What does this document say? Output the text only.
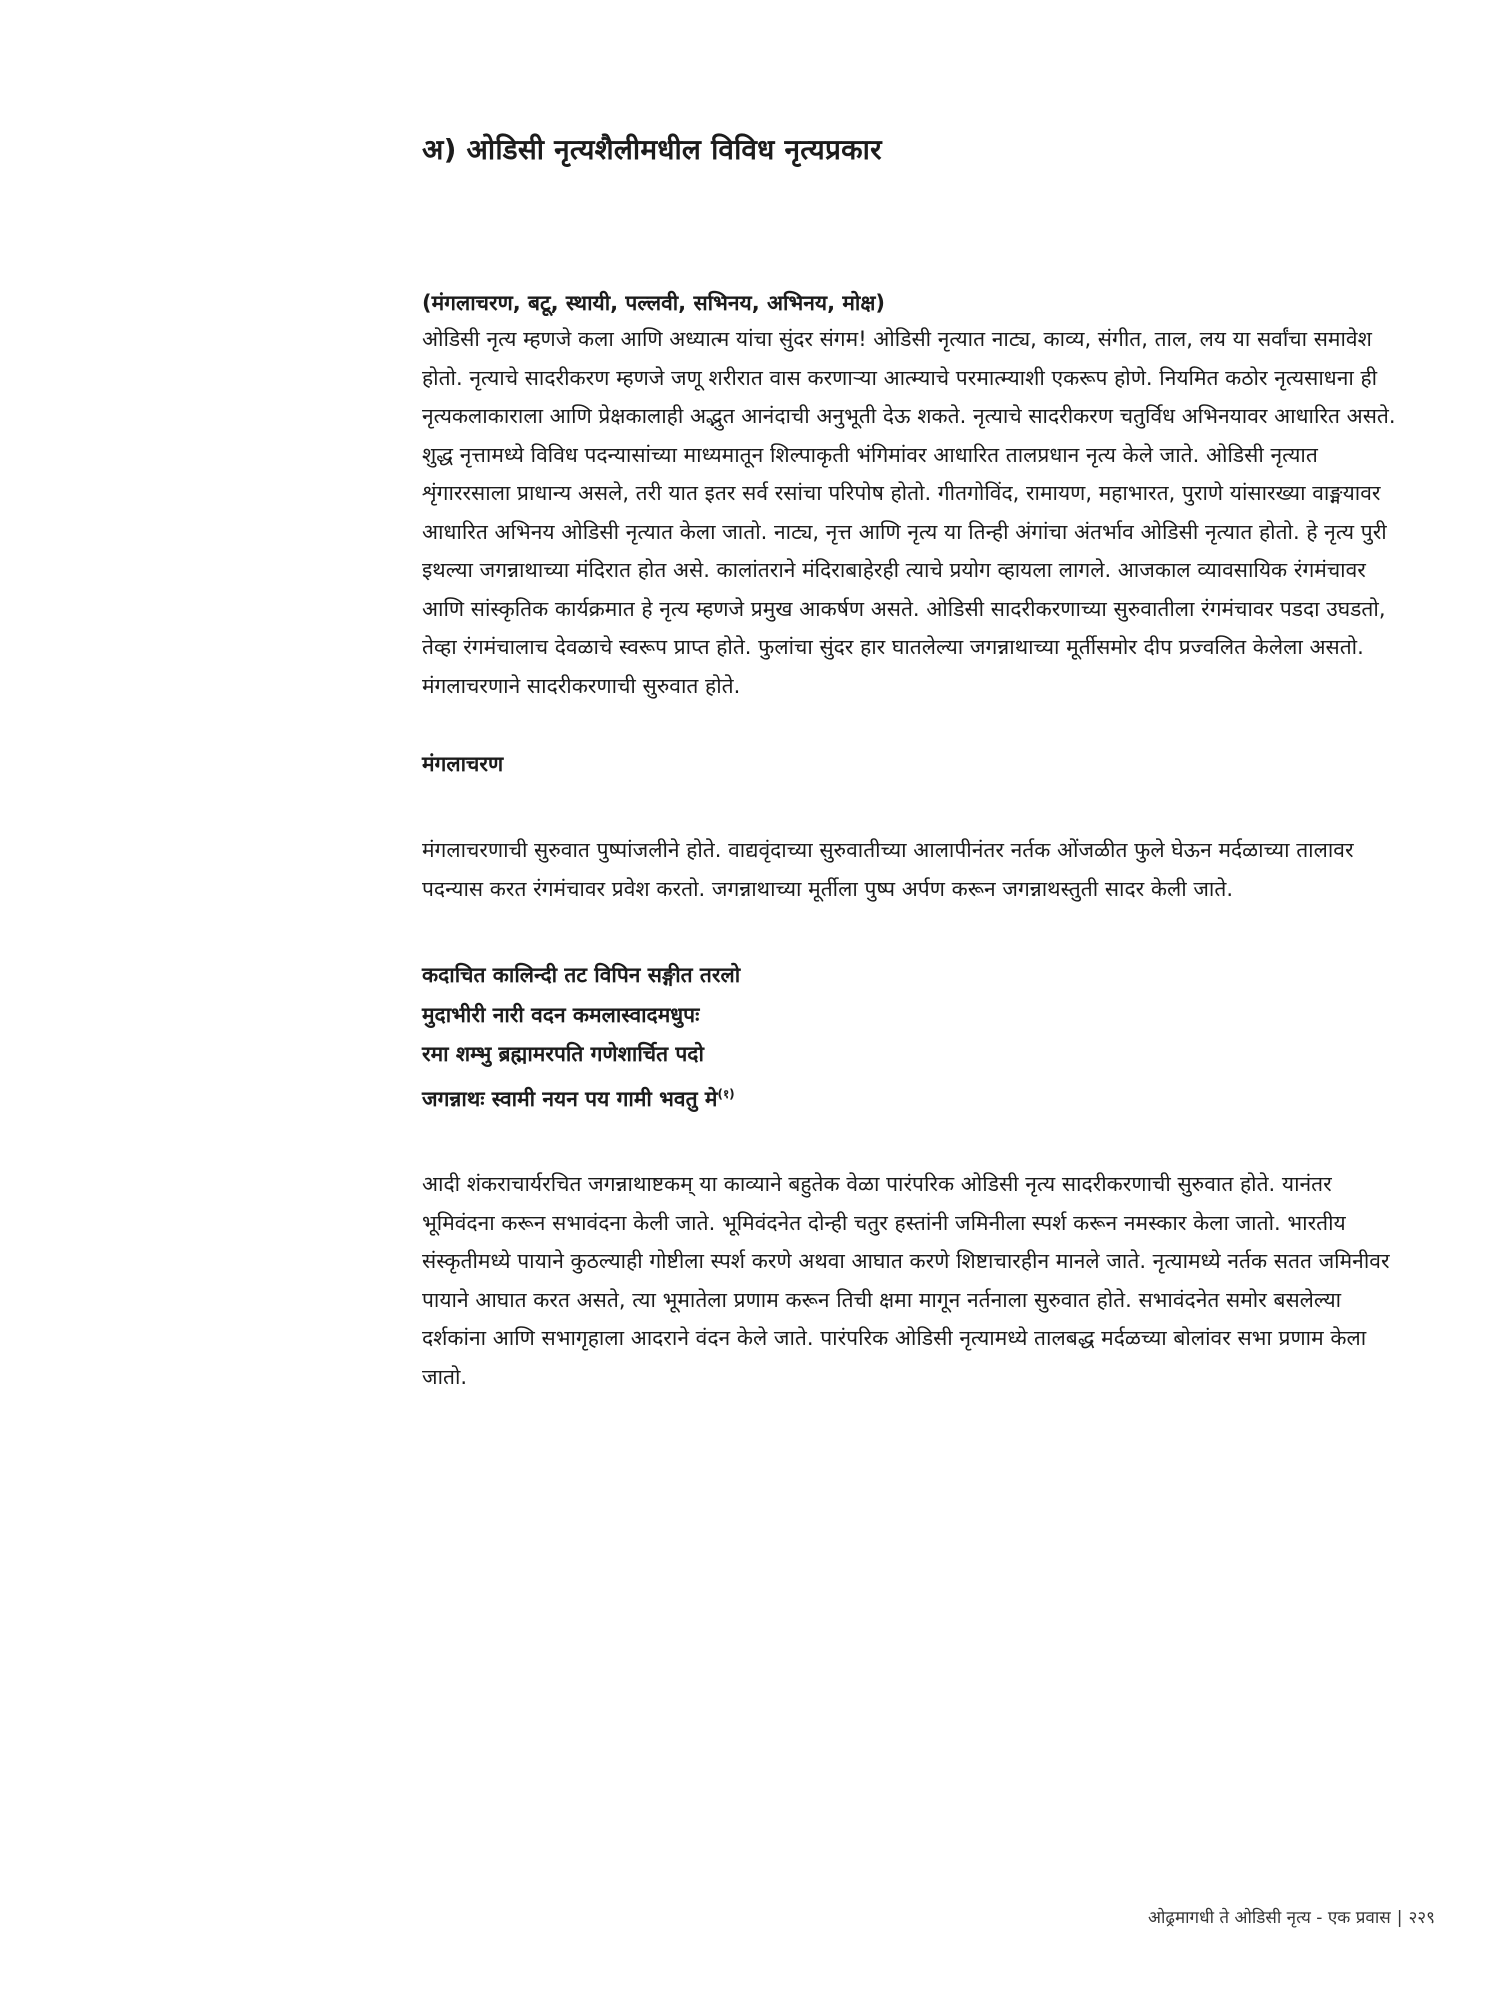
अ) ओडिसी नृत्यशैलीमधील विविध नृत्यप्रकार

(मंगलाचरण, बटू, स्थायी, पल्लवी, सभिनय, अभिनय, मोक्ष)

ओडिसी नृत्य म्हणजे कला आणि अध्यात्म यांचा सुंदर संगम! ओडिसी नृत्यात नाट्य, काव्य, संगीत, ताल, लय या सर्वांचा समावेश होतो. नृत्याचे सादरीकरण म्हणजे जणू शरीरात वास करणाऱ्या आत्म्याचे परमात्म्याशी एकरूप होणे. नियमित कठोर नृत्यसाधना ही नृत्यकलाकाराला आणि प्रेक्षकालाही अद्भुत आनंदाची अनुभूती देऊ शकते. नृत्याचे सादरीकरण चतुर्विध अभिनयावर आधारित असते. शुद्ध नृत्तामध्ये विविध पदन्यासांच्या माध्यमातून शिल्पाकृती भंगिमांवर आधारित तालप्रधान नृत्य केले जाते. ओडिसी नृत्यात शृंगाररसाला प्राधान्य असले, तरी यात इतर सर्व रसांचा परिपोष होतो. गीतगोविंद, रामायण, महाभारत, पुराणे यांसारख्या वाङ्मयावर आधारित अभिनय ओडिसी नृत्यात केला जातो. नाट्य, नृत्त आणि नृत्य या तिन्ही अंगांचा अंतर्भाव ओडिसी नृत्यात होतो. हे नृत्य पुरी इथल्या जगन्नाथाच्या मंदिरात होत असे. कालांतराने मंदिराबाहेरही त्याचे प्रयोग व्हायला लागले. आजकाल व्यावसायिक रंगमंचावर आणि सांस्कृतिक कार्यक्रमात हे नृत्य म्हणजे प्रमुख आकर्षण असते. ओडिसी सादरीकरणाच्या सुरुवातीला रंगमंचावर पडदा उघडतो, तेव्हा रंगमंचालाच देवळाचे स्वरूप प्राप्त होते. फुलांचा सुंदर हार घातलेल्या जगन्नाथाच्या मूर्तीसमोर दीप प्रज्वलित केलेला असतो. मंगलाचरणाने सादरीकरणाची सुरुवात होते.

मंगलाचरण

मंगलाचरणाची सुरुवात पुष्पांजलीने होते. वाद्यवृंदाच्या सुरुवातीच्या आलापीनंतर नर्तक ओंजळीत फुले घेऊन मर्दळाच्या तालावर पदन्यास करत रंगमंचावर प्रवेश करतो. जगन्नाथाच्या मूर्तीला पुष्प अर्पण करून जगन्नाथस्तुती सादर केली जाते.

कदाचित कालिन्दी तट विपिन सङ्गीत तरलो
मुदाभीरी नारी वदन कमलास्वादमधुपः
रमा शम्भु ब्रह्मामरपति गणेशार्चित पदो
जगन्नाथः स्वामी नयन पय गामी भवतु मे$^{(१)}$

आदी शंकराचार्यरचित जगन्नाथाष्टकम् या काव्याने बहुतेक वेळा पारंपरिक ओडिसी नृत्य सादरीकरणाची सुरुवात होते. यानंतर भूमिवंदना करून सभावंदना केली जाते. भूमिवंदनेत दोन्ही चतुर हस्तांनी जमिनीला स्पर्श करून नमस्कार केला जातो. भारतीय संस्कृतीमध्ये पायाने कुठल्याही गोष्टीला स्पर्श करणे अथवा आघात करणे शिष्टाचारहीन मानले जाते. नृत्यामध्ये नर्तक सतत जमिनीवर पायाने आघात करत असते, त्या भूमातेला प्रणाम करून तिची क्षमा मागून नर्तनाला सुरुवात होते. सभावंदनेत समोर बसलेल्या दर्शकांना आणि सभागृहाला आदराने वंदन केले जाते. पारंपरिक ओडिसी नृत्यामध्ये तालबद्ध मर्दळच्या बोलांवर सभा प्रणाम केला जातो.

ओढ्रमागधी ते ओडिसी नृत्य - एक प्रवास | २२९
